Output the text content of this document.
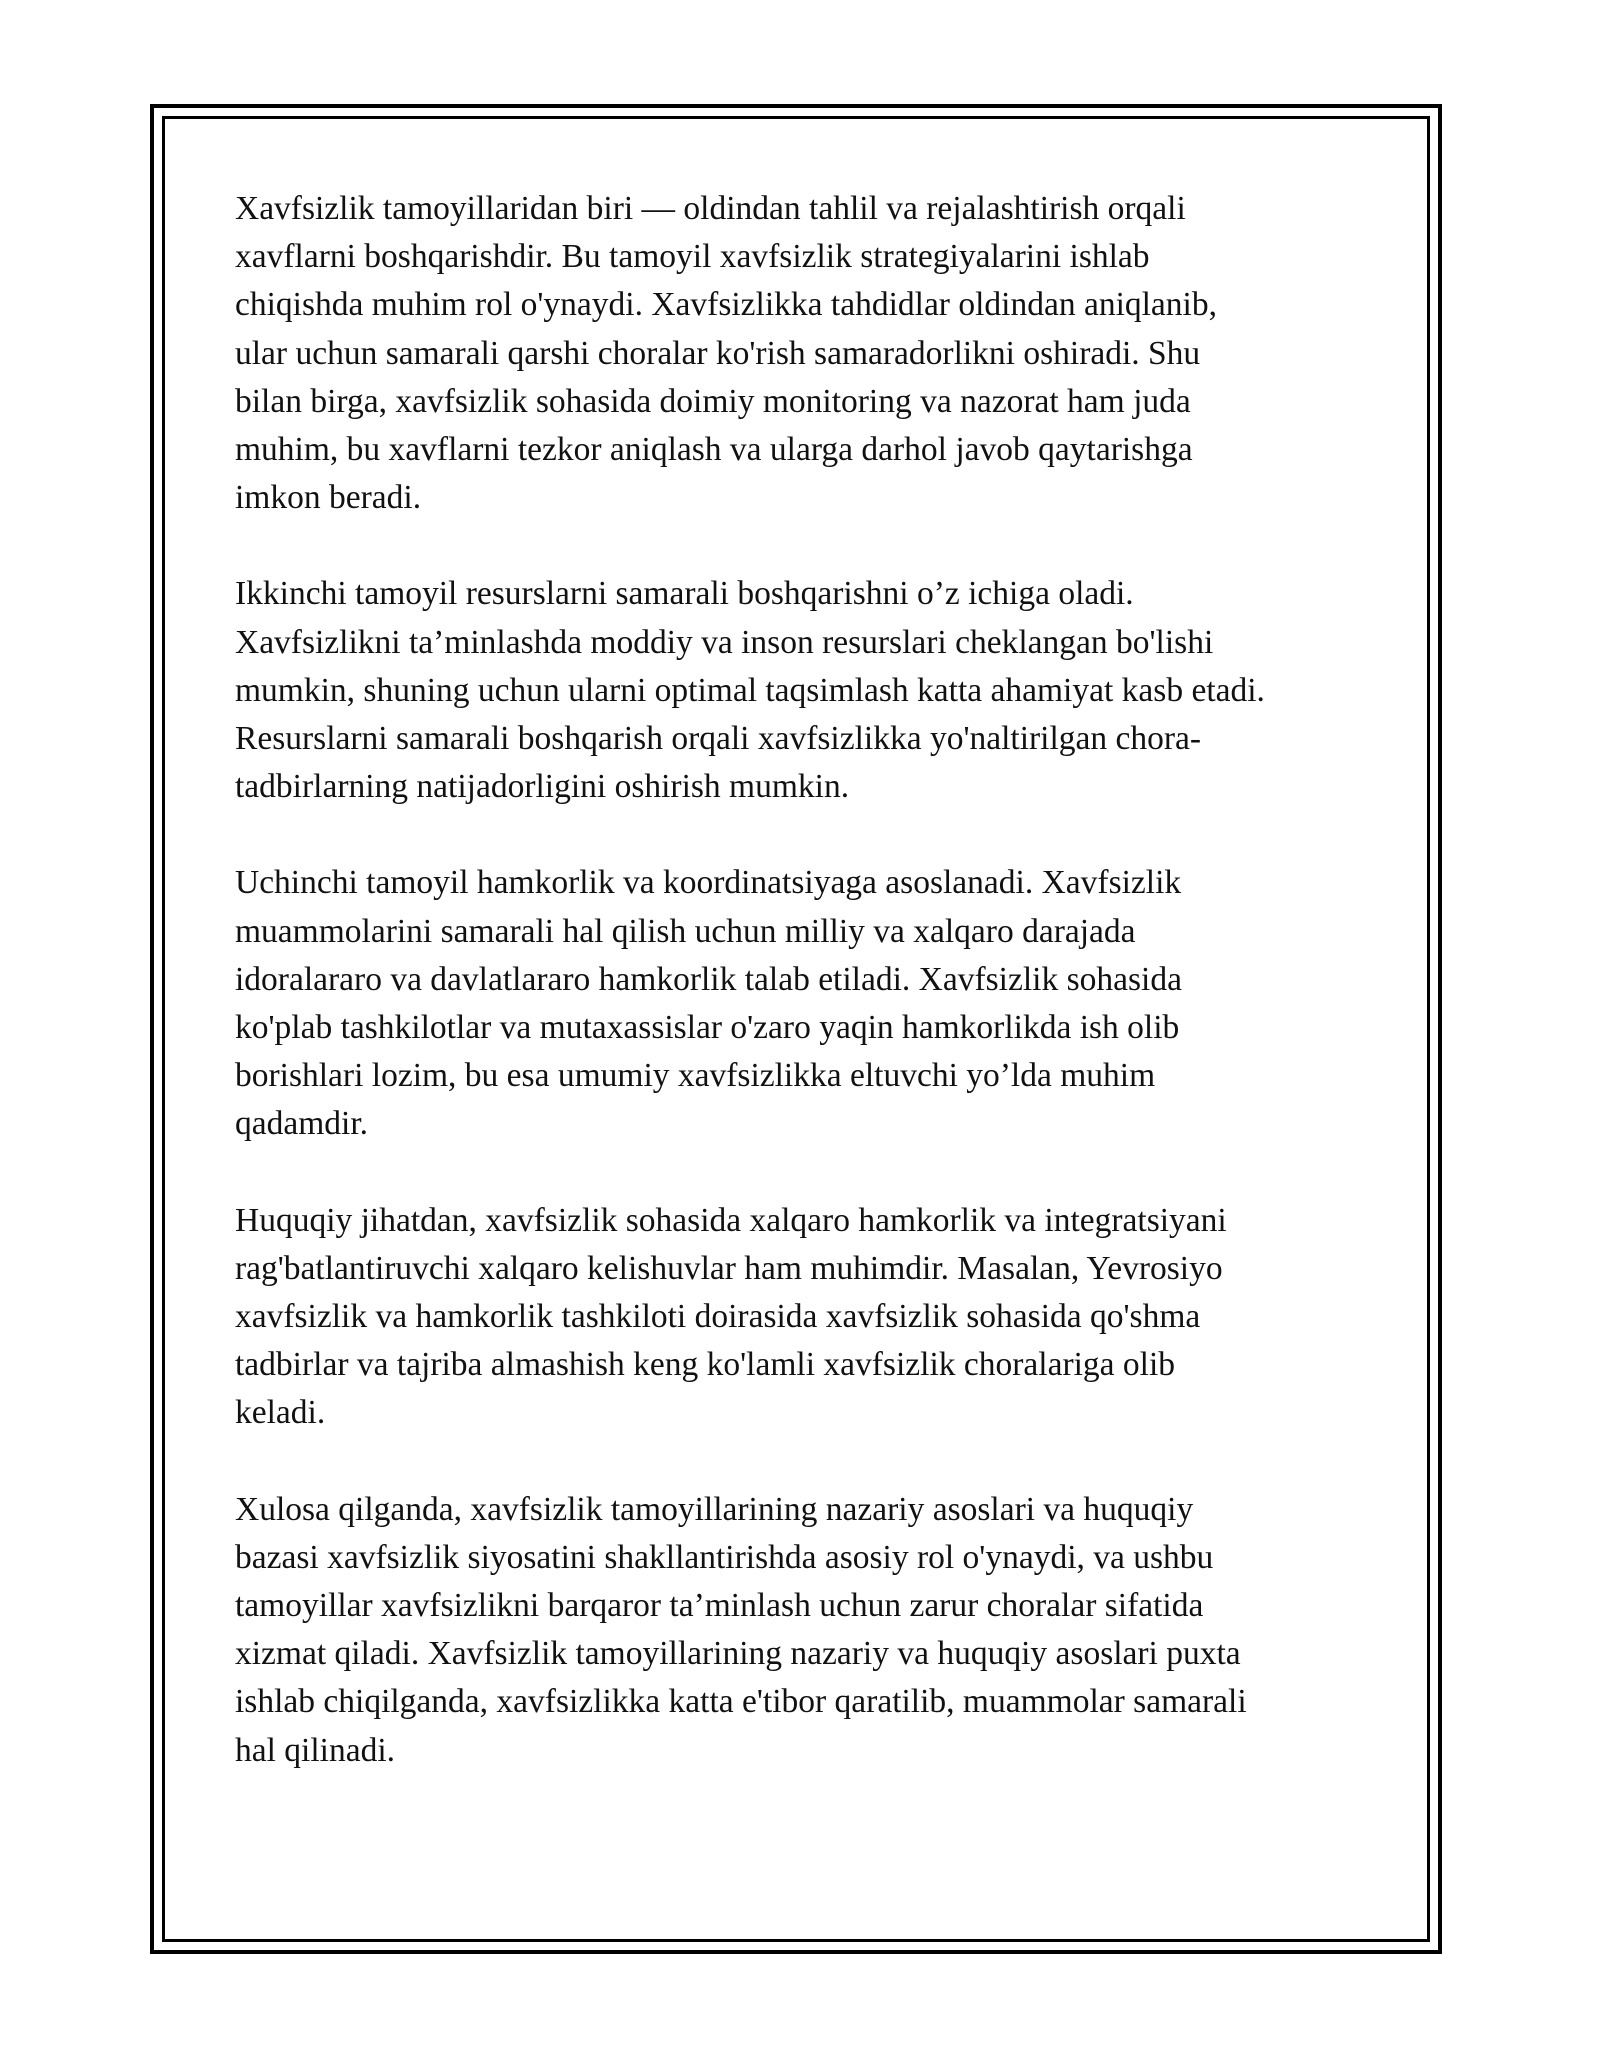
Xavfsizlik tamoyillaridan biri — oldindan tahlil va rejalashtirish orqali
xavflarni boshqarishdir. Bu tamoyil xavfsizlik strategiyalarini ishlab
chiqishda muhim rol o'ynaydi. Xavfsizlikka tahdidlar oldindan aniqlanib,
ular uchun samarali qarshi choralar ko'rish samaradorlikni oshiradi. Shu
bilan birga, xavfsizlik sohasida doimiy monitoring va nazorat ham juda
muhim, bu xavflarni tezkor aniqlash va ularga darhol javob qaytarishga
imkon beradi.

Ikkinchi tamoyil resurslarni samarali boshqarishni o’z ichiga oladi.
Xavfsizlikni ta’minlashda moddiy va inson resurslari cheklangan bo'lishi
mumkin, shuning uchun ularni optimal taqsimlash katta ahamiyat kasb etadi.
Resurslarni samarali boshqarish orqali xavfsizlikka yo'naltirilgan chora-
tadbirlarning natijadorligini oshirish mumkin.

Uchinchi tamoyil hamkorlik va koordinatsiyaga asoslanadi. Xavfsizlik
muammolarini samarali hal qilish uchun milliy va xalqaro darajada
idoralararo va davlatlararo hamkorlik talab etiladi. Xavfsizlik sohasida
ko'plab tashkilotlar va mutaxassislar o'zaro yaqin hamkorlikda ish olib
borishlari lozim, bu esa umumiy xavfsizlikka eltuvchi yo’lda muhim
qadamdir.

Huquqiy jihatdan, xavfsizlik sohasida xalqaro hamkorlik va integratsiyani
rag'batlantiruvchi xalqaro kelishuvlar ham muhimdir. Masalan, Yevrosiyo
xavfsizlik va hamkorlik tashkiloti doirasida xavfsizlik sohasida qo'shma
tadbirlar va tajriba almashish keng ko'lamli xavfsizlik choralariga olib
keladi.

Xulosa qilganda, xavfsizlik tamoyillarining nazariy asoslari va huquqiy
bazasi xavfsizlik siyosatini shakllantirishda asosiy rol o'ynaydi, va ushbu
tamoyillar xavfsizlikni barqaror ta’minlash uchun zarur choralar sifatida
xizmat qiladi. Xavfsizlik tamoyillarining nazariy va huquqiy asoslari puxta
ishlab chiqilganda, xavfsizlikka katta e'tibor qaratilib, muammolar samarali
hal qilinadi.
